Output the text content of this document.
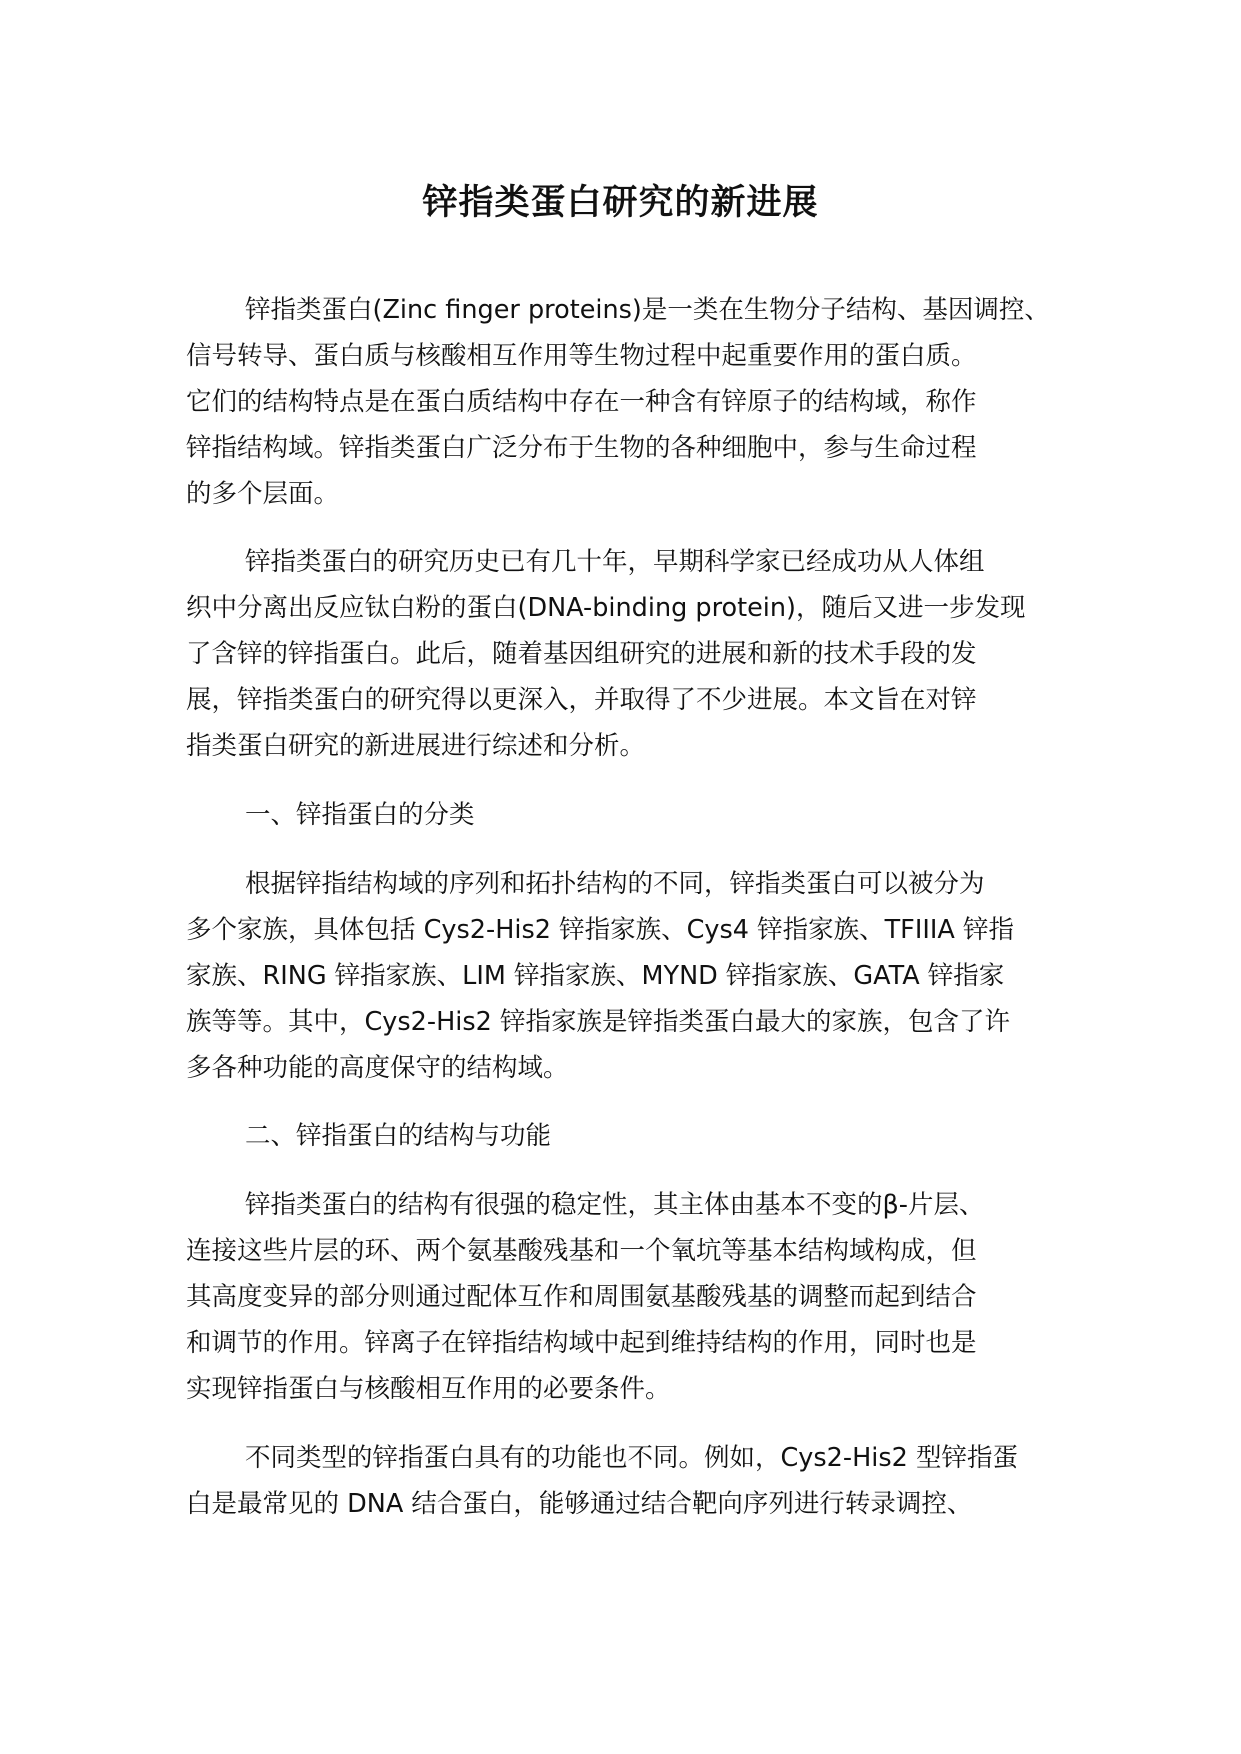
锌指类蛋白研究的新进展

锌指类蛋白(Zinc finger proteins)是一类在生物分子结构、基因调控、

信号转导、蛋白质与核酸相互作用等生物过程中起重要作用的蛋白质。

它们的结构特点是在蛋白质结构中存在一种含有锌原子的结构域，称作

锌指结构域。锌指类蛋白广泛分布于生物的各种细胞中，参与生命过程

的多个层面。

锌指类蛋白的研究历史已有几十年，早期科学家已经成功从人体组

织中分离出反应钛白粉的蛋白(DNA-binding protein)，随后又进一步发现

了含锌的锌指蛋白。此后，随着基因组研究的进展和新的技术手段的发

展，锌指类蛋白的研究得以更深入，并取得了不少进展。本文旨在对锌

指类蛋白研究的新进展进行综述和分析。

一、锌指蛋白的分类

根据锌指结构域的序列和拓扑结构的不同，锌指类蛋白可以被分为

多个家族，具体包括 Cys2-His2 锌指家族、Cys4 锌指家族、TFIIIA 锌指

家族、RING 锌指家族、LIM 锌指家族、MYND 锌指家族、GATA 锌指家

族等等。其中，Cys2-His2 锌指家族是锌指类蛋白最大的家族，包含了许

多各种功能的高度保守的结构域。

二、锌指蛋白的结构与功能

锌指类蛋白的结构有很强的稳定性，其主体由基本不变的β-片层、

连接这些片层的环、两个氨基酸残基和一个氧坑等基本结构域构成，但

其高度变异的部分则通过配体互作和周围氨基酸残基的调整而起到结合

和调节的作用。锌离子在锌指结构域中起到维持结构的作用，同时也是

实现锌指蛋白与核酸相互作用的必要条件。

不同类型的锌指蛋白具有的功能也不同。例如，Cys2-His2 型锌指蛋

白是最常见的 DNA 结合蛋白，能够通过结合靶向序列进行转录调控、
